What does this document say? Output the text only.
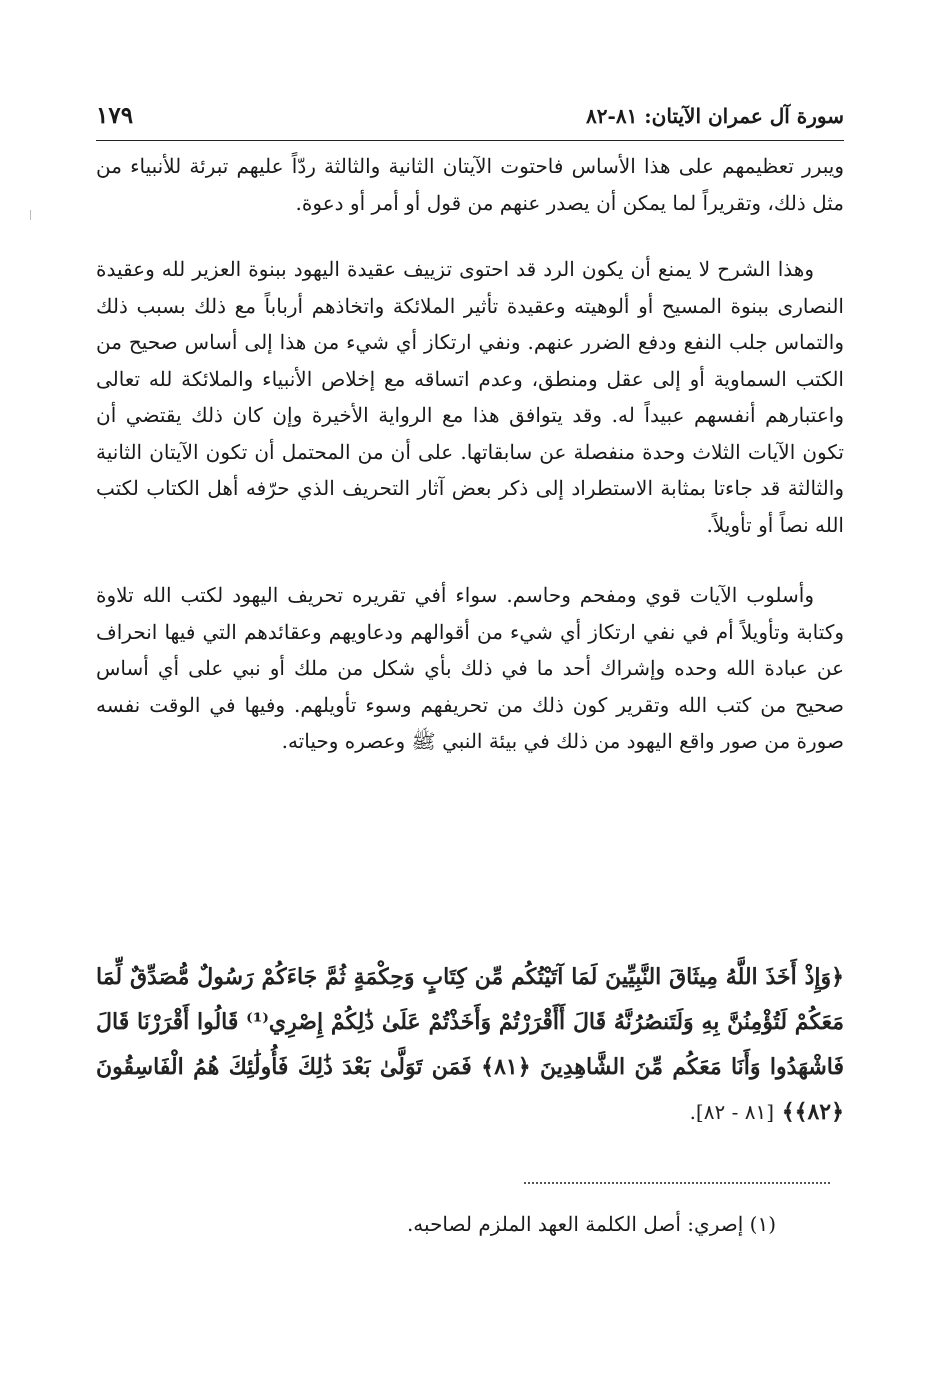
سورة آل عمران الآيتان: ٨١-٨٢
١٧٩

ويبرر تعظيمهم على هذا الأساس فاحتوت الآيتان الثانية والثالثة ردّاً عليهم تبرئة للأنبياء من مثل ذلك، وتقريراً لما يمكن أن يصدر عنهم من قول أو أمر أو دعوة.

وهذا الشرح لا يمنع أن يكون الرد قد احتوى تزييف عقيدة اليهود ببنوة العزير لله وعقيدة النصارى ببنوة المسيح أو ألوهيته وعقيدة تأثير الملائكة واتخاذهم أرباباً مع ذلك بسبب ذلك والتماس جلب النفع ودفع الضرر عنهم. ونفي ارتكاز أي شيء من هذا إلى أساس صحيح من الكتب السماوية أو إلى عقل ومنطق، وعدم اتساقه مع إخلاص الأنبياء والملائكة لله تعالى واعتبارهم أنفسهم عبيداً له. وقد يتوافق هذا مع الرواية الأخيرة وإن كان ذلك يقتضي أن تكون الآيات الثلاث وحدة منفصلة عن سابقاتها. على أن من المحتمل أن تكون الآيتان الثانية والثالثة قد جاءتا بمثابة الاستطراد إلى ذكر بعض آثار التحريف الذي حرّفه أهل الكتاب لكتب الله نصاً أو تأويلاً.

وأسلوب الآيات قوي ومفحم وحاسم. سواء أفي تقريره تحريف اليهود لكتب الله تلاوة وكتابة وتأويلاً أم في نفي ارتكاز أي شيء من أقوالهم ودعاويهم وعقائدهم التي فيها انحراف عن عبادة الله وحده وإشراك أحد ما في ذلك بأي شكل من ملك أو نبي على أي أساس صحيح من كتب الله وتقرير كون ذلك من تحريفهم وسوء تأويلهم. وفيها في الوقت نفسه صورة من صور واقع اليهود من ذلك في بيئة النبي ﷺ وعصره وحياته.

﴿وَإِذْ أَخَذَ اللَّهُ مِيثَاقَ النَّبِيِّينَ لَمَا آتَيْتُكُم مِّن كِتَابٍ وَحِكْمَةٍ ثُمَّ جَاءَكُمْ رَسُولٌ مُّصَدِّقٌ لِّمَا مَعَكُمْ لَتُؤْمِنُنَّ بِهِ وَلَتَنصُرُنَّهُ قَالَ أَأَقْرَرْتُمْ وَأَخَذْتُمْ عَلَىٰ ذَٰلِكُمْ إِصْرِي⁽¹⁾ قَالُوا أَقْرَرْنَا قَالَ فَاشْهَدُوا وَأَنَا مَعَكُم مِّنَ الشَّاهِدِينَ ﴿٨١﴾ فَمَن تَوَلَّىٰ بَعْدَ ذَٰلِكَ فَأُولَٰئِكَ هُمُ الْفَاسِقُونَ ﴿٨٢﴾﴾ [٨١ - ٨٢].
(١) إصري: أصل الكلمة العهد الملزم لصاحبه.
